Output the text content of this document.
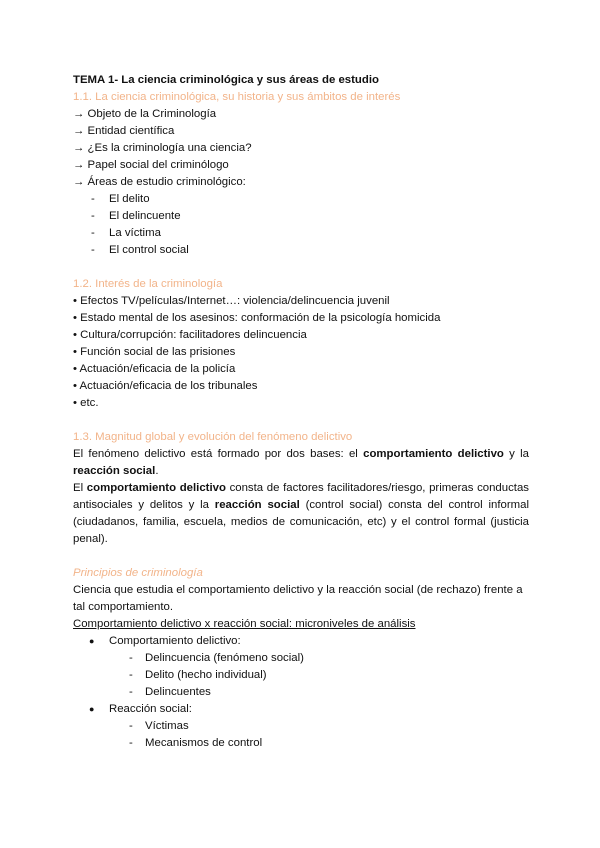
TEMA 1- La ciencia criminológica y sus áreas de estudio
1.1. La ciencia criminológica, su historia y sus ámbitos de interés
→ Objeto de la Criminología
→ Entidad científica
→ ¿Es la criminología una ciencia?
→ Papel social del criminólogo
→ Áreas de estudio criminológico:
- El delito
- El delincuente
- La víctima
- El control social
1.2. Interés de la criminología
• Efectos TV/películas/Internet…: violencia/delincuencia juvenil
• Estado mental de los asesinos: conformación de la psicología homicida
• Cultura/corrupción: facilitadores delincuencia
• Función social de las prisiones
• Actuación/eficacia de la policía
• Actuación/eficacia de los tribunales
• etc.
1.3. Magnitud global y evolución del fenómeno delictivo
El fenómeno delictivo está formado por dos bases: el comportamiento delictivo y la reacción social.
El comportamiento delictivo consta de factores facilitadores/riesgo, primeras conductas antisociales y delitos y la reacción social (control social) consta del control informal (ciudadanos, familia, escuela, medios de comunicación, etc) y el control formal (justicia penal).
Principios de criminología
Ciencia que estudia el comportamiento delictivo y la reacción social (de rechazo) frente a tal comportamiento.
Comportamiento delictivo x reacción social: microniveles de análisis
● Comportamiento delictivo:
- Delincuencia (fenómeno social)
- Delito (hecho individual)
- Delincuentes
● Reacción social:
- Víctimas
- Mecanismos de control
